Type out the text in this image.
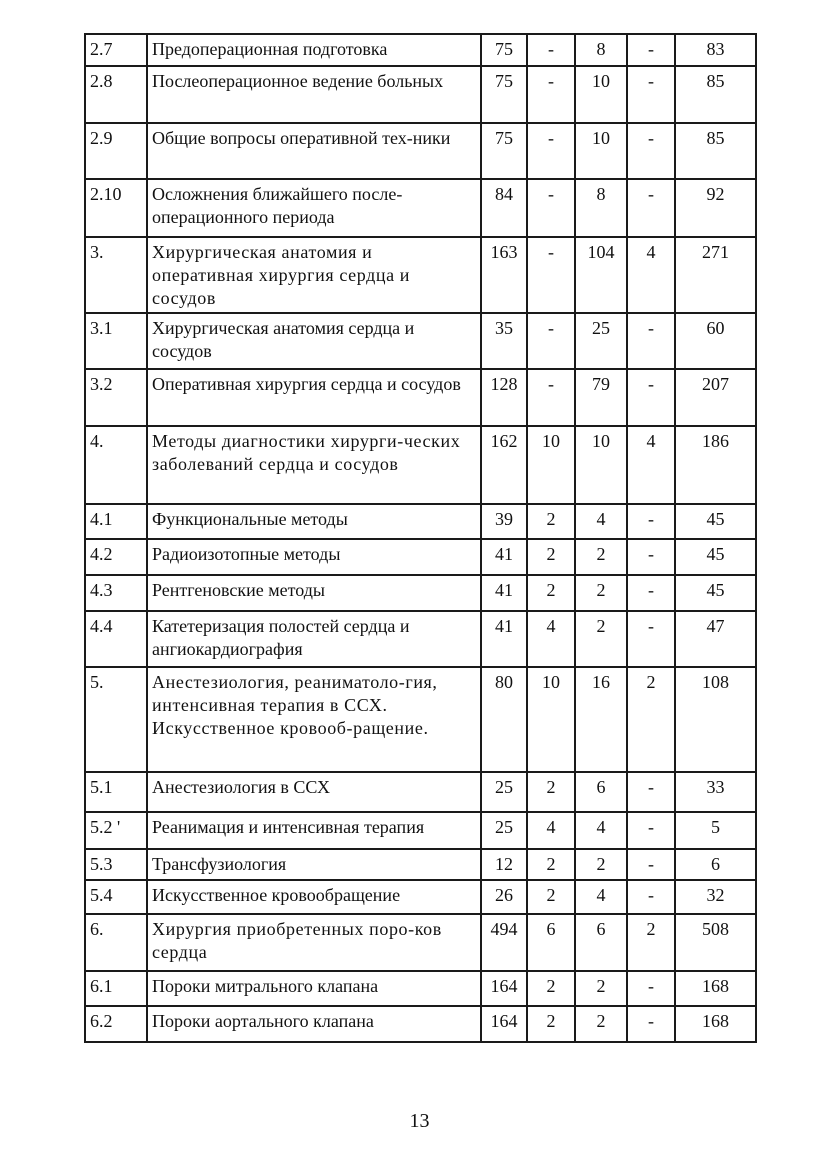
2.7	Предоперационная подготовка	75	-	8	-	83
2.8	Послеоперационное ведение больных	75	-	10	-	85
2.9	Общие вопросы оперативной тех-ники	75	-	10	-	85
2.10	Осложнения ближайшего после-операционного периода	84	-	8	-	92
3.	Хирургическая анатомия и оперативная хирургия сердца и сосудов	163	-	104	4	271
3.1	Хирургическая анатомия сердца и сосудов	35	-	25	-	60
3.2	Оперативная хирургия сердца и сосудов	128	-	79	-	207
4.	Методы диагностики хирурги-ческих заболеваний сердца и сосудов	162	10	10	4	186
4.1	Функциональные методы	39	2	4	-	45
4.2	Радиоизотопные методы	41	2	2	-	45
4.3	Рентгеновские методы	41	2	2	-	45
4.4	Катетеризация полостей сердца и ангиокардиография	41	4	2	-	47
5.	Анестезиология, реаниматоло-гия, интенсивная терапия в ССХ. Искусственное кровооб-ращение.	80	10	16	2	108
5.1	Анестезиология в ССХ	25	2	6	-	33
5.2 '	Реанимация и интенсивная терапия	25	4	4	-	5
5.3	Трансфузиология	12	2	2	-	6
5.4	Искусственное кровообращение	26	2	4	-	32
6.	Хирургия приобретенных поро-ков сердца	494	6	6	2	508
6.1	Пороки митрального клапана	164	2	2	-	168
6.2	Пороки аортального клапана	164	2	2	-	168
13
